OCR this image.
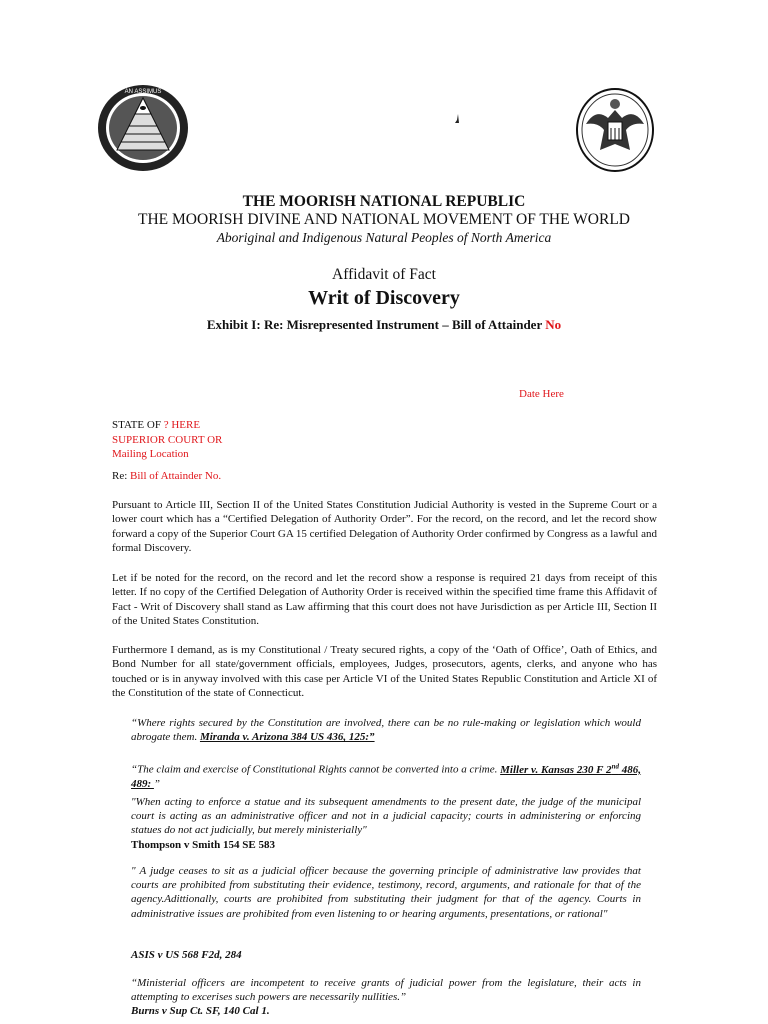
AN ASSIMUS
THE MOORISH NATIONAL REPUBLIC
THE MOORISH DIVINE AND NATIONAL MOVEMENT OF THE WORLD
Aboriginal and Indigenous Natural Peoples of North America
Affidavit of Fact
Writ of Discovery
Exhibit I: Re: Misrepresented Instrument – Bill of Attainder No
Date Here
STATE OF ? HERE
SUPERIOR COURT OR
Mailing Location
Re: Bill of Attainder No.
Pursuant to Article III, Section II of the United States Constitution Judicial Authority is vested in the Supreme Court or a lower court which has a “Certified Delegation of Authority Order”. For the record, on the record, and let the record show forward a copy of the Superior Court GA 15 certified Delegation of Authority Order confirmed by Congress as a lawful and formal Discovery.
Let if be noted for the record, on the record and let the record show a response is required 21 days from receipt of this letter. If no copy of the Certified Delegation of Authority Order is received within the specified time frame this Affidavit of Fact - Writ of Discovery shall stand as Law affirming that this court does not have Jurisdiction as per Article III, Section II of the United States Constitution.
Furthermore I demand, as is my Constitutional / Treaty secured rights, a copy of the ‘Oath of Office’, Oath of Ethics, and Bond Number for all state/government officials, employees, Judges, prosecutors, agents, clerks, and anyone who has touched or is in anyway involved with this case per Article VI of the United States Republic Constitution and Article XI of the Constitution of the state of Connecticut.
“Where rights secured by the Constitution are involved, there can be no rule-making or legislation which would abrogate them. Miranda v. Arizona 384 US 436, 125:”
“The claim and exercise of Constitutional Rights cannot be converted into a crime. Miller v. Kansas 230 F 2nd 486, 489: ”
"When acting to enforce a statue and its subsequent amendments to the present date, the judge of the municipal court is acting as an administrative officer and not in a judicial capacity; courts in administering or enforcing statues do not act judicially, but merely ministerially"
Thompson v Smith 154 SE 583
" A judge ceases to sit as a judicial officer because the governing principle of administrative law provides that courts are prohibited from substituting their evidence, testimony, record, arguments, and rationale for that of the agency.Adittionally, courts are prohibited from substituting their judgment for that of the agency. Courts in administrative issues are prohibited from even listening to or hearing arguments, presentations, or rational"
ASIS v US 568 F2d, 284
“Ministerial officers are incompetent to receive grants of judicial power from the legislature, their acts in attempting to excerises such powers are necessarily nullities.”
Burns v Sup Ct. SF, 140 Cal 1.
